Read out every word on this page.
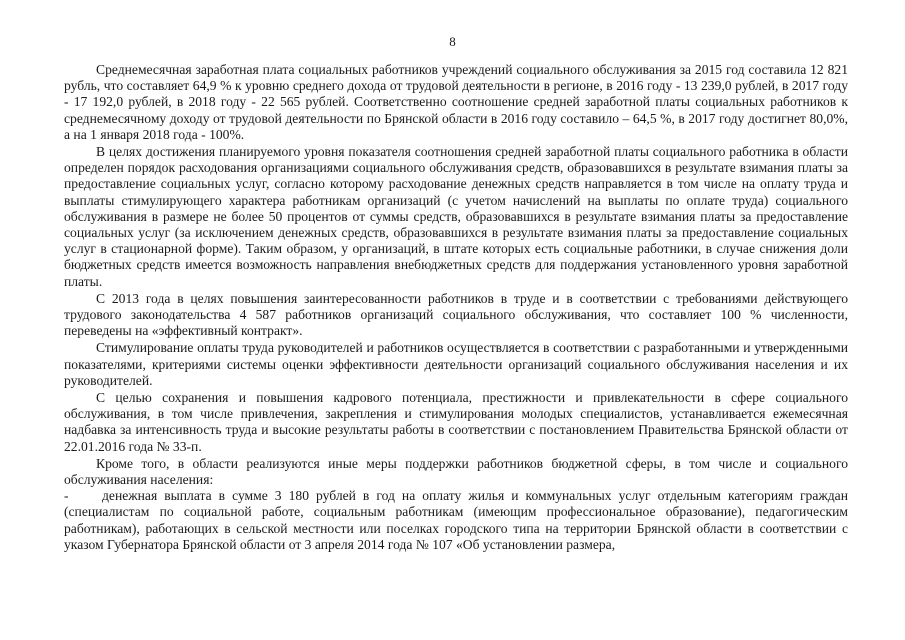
8

Среднемесячная заработная плата социальных работников учреждений социального обслуживания за 2015 год составила 12 821 рубль, что составляет 64,9 % к уровню среднего дохода от трудовой деятельности в регионе, в 2016 году - 13 239,0 рублей, в 2017 году - 17 192,0 рублей, в 2018 году - 22 565 рублей. Соответственно соотношение средней заработной платы социальных работников к среднемесячному доходу от трудовой деятельности по Брянской области в 2016 году составило – 64,5 %, в 2017 году достигнет 80,0%, а на 1 января 2018 года - 100%.

В целях достижения планируемого уровня показателя соотношения средней заработной платы социального работника в области определен порядок расходования организациями социального обслуживания средств, образовавшихся в результате взимания платы за предоставление социальных услуг, согласно которому расходование денежных средств направляется в том числе на оплату труда и выплаты стимулирующего характера работникам организаций (с учетом начислений на выплаты по оплате труда) социального обслуживания в размере не более 50 процентов от суммы средств, образовавшихся в результате взимания платы за предоставление социальных услуг (за исключением денежных средств, образовавшихся в результате взимания платы за предоставление социальных услуг в стационарной форме). Таким образом, у организаций, в штате которых есть социальные работники, в случае снижения доли бюджетных средств имеется возможность направления внебюджетных средств для поддержания установленного уровня заработной платы.

С 2013 года в целях повышения заинтересованности работников в труде и в соответствии с требованиями действующего трудового законодательства 4 587 работников организаций социального обслуживания, что составляет 100 % численности, переведены на «эффективный контракт».

Стимулирование оплаты труда руководителей и работников осуществляется в соответствии с разработанными и утвержденными показателями, критериями системы оценки эффективности деятельности организаций социального обслуживания населения и их руководителей.

С целью сохранения и повышения кадрового потенциала, престижности и привлекательности в сфере социального обслуживания, в том числе привлечения, закрепления и стимулирования молодых специалистов, устанавливается ежемесячная надбавка за интенсивность труда и высокие результаты работы в соответствии с постановлением Правительства Брянской области от 22.01.2016 года № 33-п.

Кроме того, в области реализуются иные меры поддержки работников бюджетной сферы, в том числе и социального обслуживания населения:

- денежная выплата в сумме 3 180 рублей в год на оплату жилья и коммунальных услуг отдельным категориям граждан (специалистам по социальной работе, социальным работникам (имеющим профессиональное образование), педагогическим работникам), работающих в сельской местности или поселках городского типа на территории Брянской области в соответствии с указом Губернатора Брянской области от 3 апреля 2014 года № 107 «Об установлении размера,
